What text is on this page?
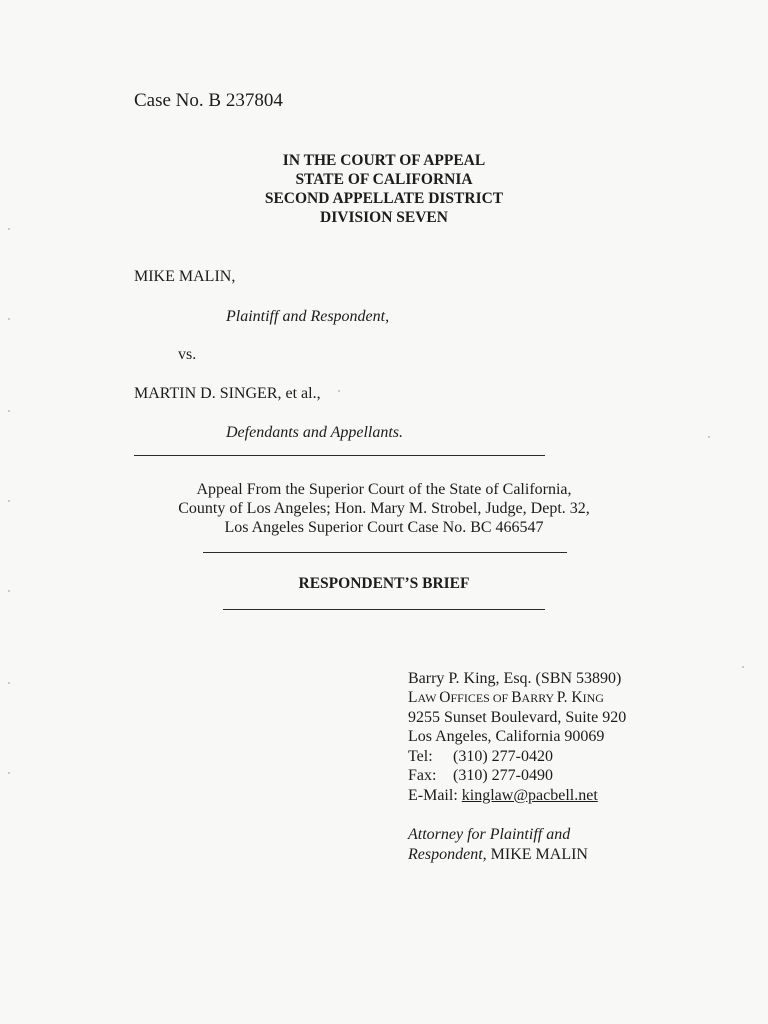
Case No. B 237804
IN THE COURT OF APPEAL
STATE OF CALIFORNIA
SECOND APPELLATE DISTRICT
DIVISION SEVEN
MIKE MALIN,
Plaintiff and Respondent,
vs.
MARTIN D. SINGER, et al.,
Defendants and Appellants.
Appeal From the Superior Court of the State of California,
County of Los Angeles; Hon. Mary M. Strobel, Judge, Dept. 32,
Los Angeles Superior Court Case No. BC 466547
RESPONDENT’S BRIEF
Barry P. King, Esq. (SBN 53890)
LAW OFFICES OF BARRY P. KING
9255 Sunset Boulevard, Suite 920
Los Angeles, California 90069
Tel: (310) 277-0420
Fax: (310) 277-0490
E-Mail: kinglaw@pacbell.net
Attorney for Plaintiff and
Respondent, MIKE MALIN
